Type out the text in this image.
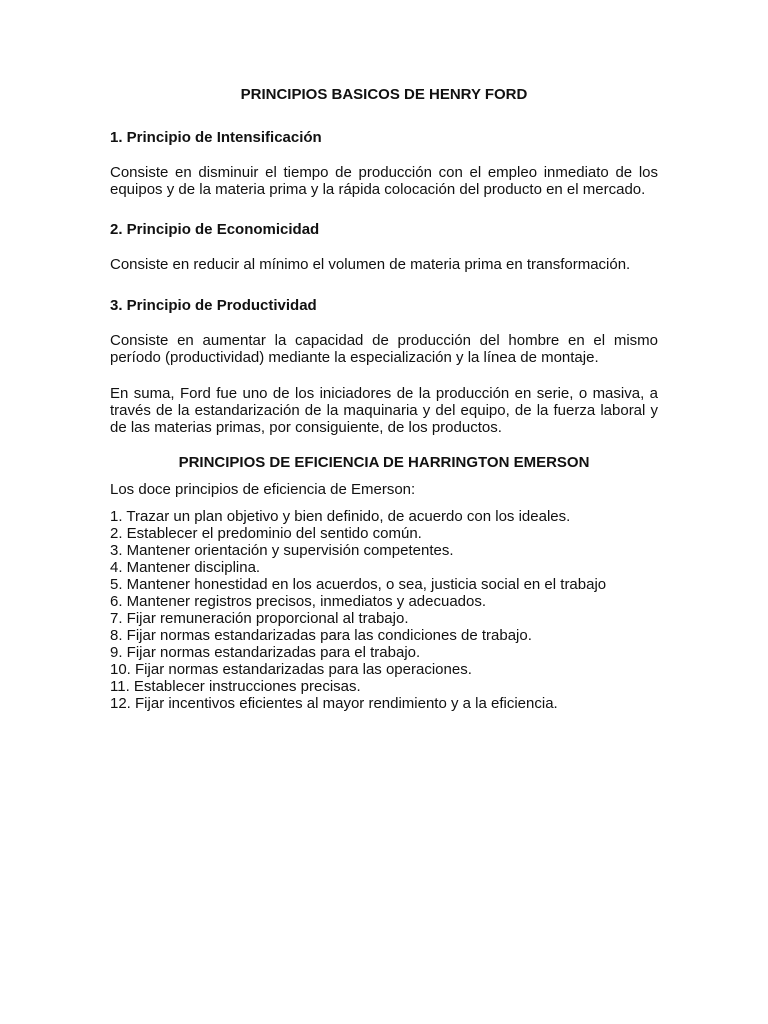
PRINCIPIOS BASICOS DE HENRY FORD
1. Principio de Intensificación

Consiste en disminuir el tiempo de producción con el empleo inmediato de los equipos y de la materia prima y la rápida colocación del producto en el mercado.

2. Principio de Economicidad

Consiste en reducir al mínimo el volumen de materia prima en transformación.

3. Principio de Productividad

Consiste en aumentar la capacidad de producción del hombre en el mismo período (productividad) mediante la especialización y la línea de montaje.

En suma, Ford fue uno de los iniciadores de la producción en serie, o masiva, a través de la estandarización de la maquinaria y del equipo, de la fuerza laboral y de las materias primas, por consiguiente, de los productos.

PRINCIPIOS DE EFICIENCIA DE HARRINGTON EMERSON

Los doce principios de eficiencia de Emerson:

1. Trazar un plan objetivo y bien definido, de acuerdo con los ideales.
2. Establecer el predominio del sentido común.
3. Mantener orientación y supervisión competentes.
4. Mantener disciplina.
5. Mantener honestidad en los acuerdos, o sea, justicia social en el trabajo
6. Mantener registros precisos, inmediatos y adecuados.
7. Fijar remuneración proporcional al trabajo.
8. Fijar normas estandarizadas para las condiciones de trabajo.
9. Fijar normas estandarizadas para el trabajo.
10. Fijar normas estandarizadas para las operaciones.
11. Establecer instrucciones precisas.
12. Fijar incentivos eficientes al mayor rendimiento y a la eficiencia.
